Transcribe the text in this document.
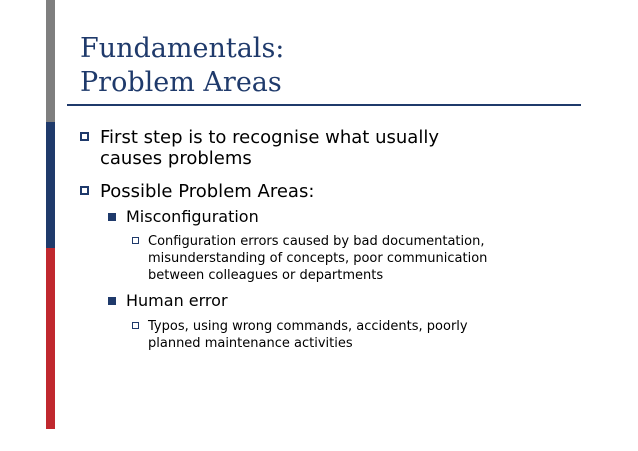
Fundamentals:
Problem Areas
First step is to recognise what usually
causes problems
Possible Problem Areas:
Misconfiguration
Configuration errors caused by bad documentation,
misunderstanding of concepts, poor communication
between colleagues or departments
Human error
Typos, using wrong commands, accidents, poorly
planned maintenance activities
